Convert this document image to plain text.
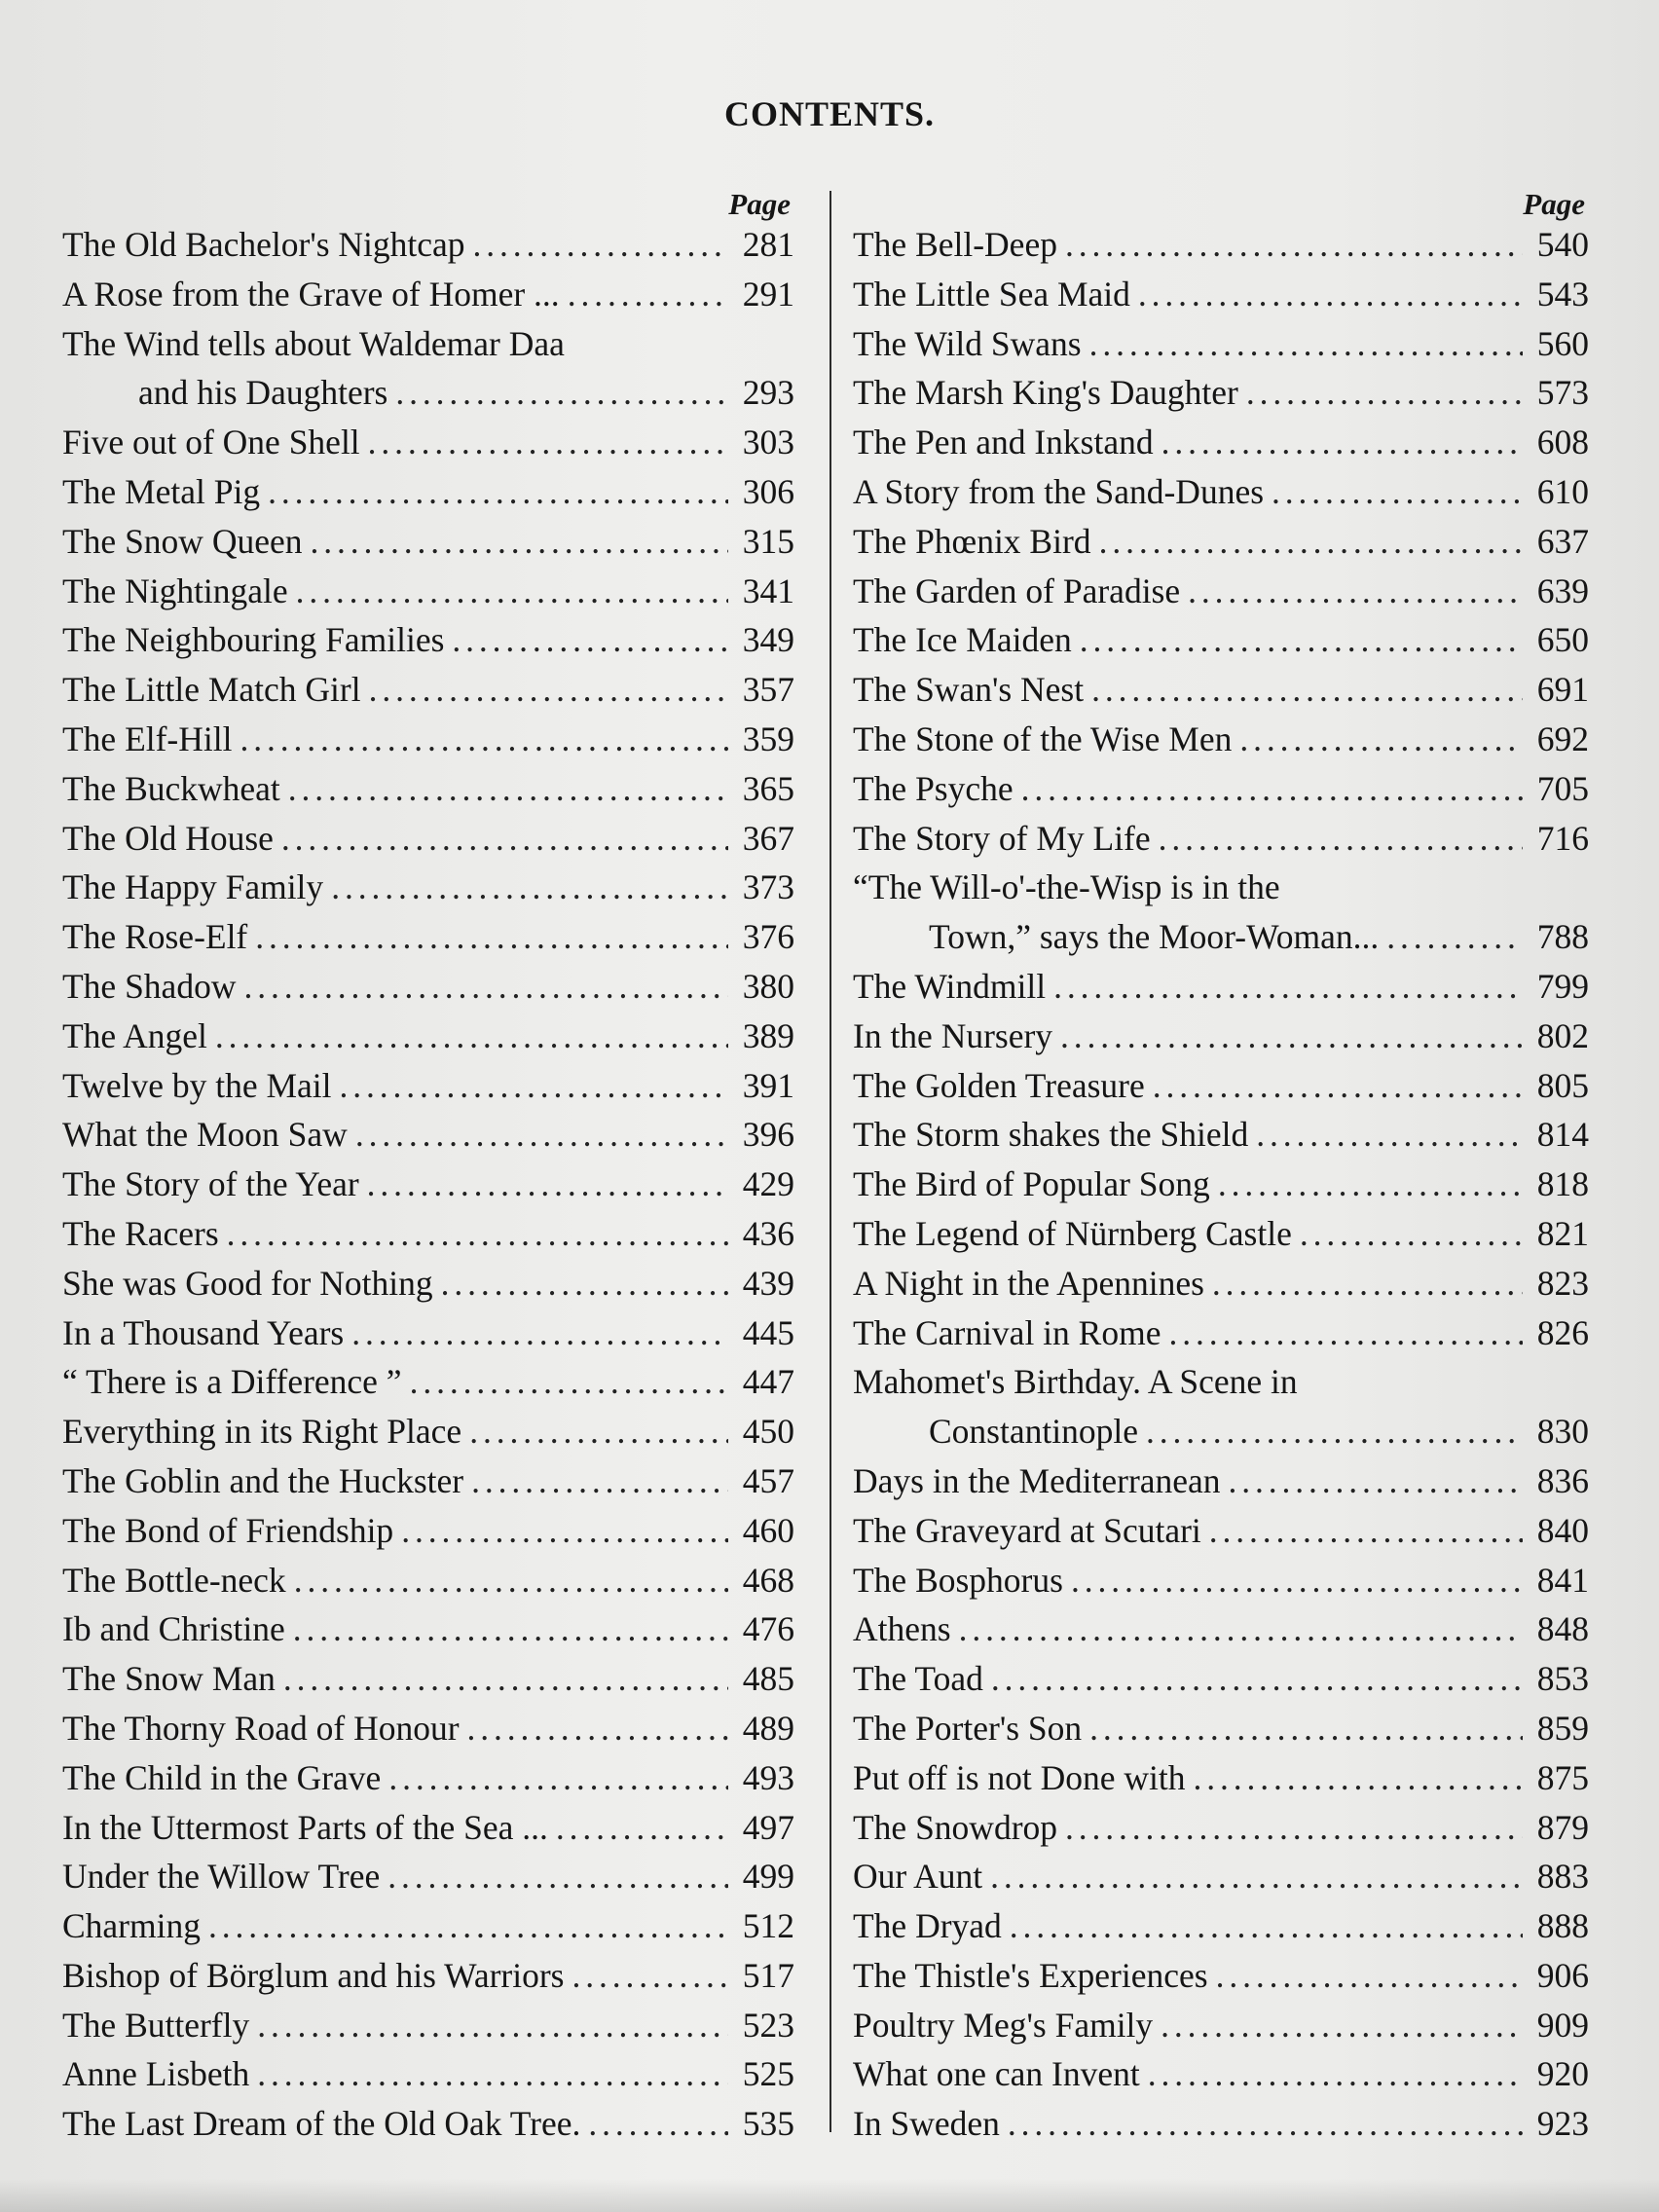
CONTENTS.
Page
The Old Bachelor's Nightcap . . .	281
A Rose from the Grave of Homer ... . . .	291
The Wind tells about Waldemar Daa
and his Daughters . . .	293
Five out of One Shell . . .	303
The Metal Pig . . .	306
The Snow Queen . . .	315
The Nightingale . . .	341
The Neighbouring Families . . .	349
The Little Match Girl . . .	357
The Elf-Hill . . .	359
The Buckwheat . . .	365
The Old House . . .	367
The Happy Family . . .	373
The Rose-Elf . . .	376
The Shadow . . .	380
The Angel . . .	389
Twelve by the Mail . . .	391
What the Moon Saw . . .	396
The Story of the Year . . .	429
The Racers . . .	436
She was Good for Nothing . . .	439
In a Thousand Years . . .	445
“ There is a Difference ” . . .	447
Everything in its Right Place . . .	450
The Goblin and the Huckster . . .	457
The Bond of Friendship . . .	460
The Bottle-neck . . .	468
Ib and Christine . . .	476
The Snow Man . . .	485
The Thorny Road of Honour . . .	489
The Child in the Grave . . .	493
In the Uttermost Parts of the Sea ... . . .	497
Under the Willow Tree . . .	499
Charming . . .	512
Bishop of Börglum and his Warriors . . .	517
The Butterfly . . .	523
Anne Lisbeth . . .	525
The Last Dream of the Old Oak Tree. . . .	535
Page
The Bell-Deep . . .	540
The Little Sea Maid . . .	543
The Wild Swans . . .	560
The Marsh King's Daughter . . .	573
The Pen and Inkstand . . .	608
A Story from the Sand-Dunes . . .	610
The Phœnix Bird . . .	637
The Garden of Paradise . . .	639
The Ice Maiden . . .	650
The Swan's Nest . . .	691
The Stone of the Wise Men . . .	692
The Psyche . . .	705
The Story of My Life . . .	716
“The Will-o'-the-Wisp is in the
Town,” says the Moor-Woman... . . .	788
The Windmill . . .	799
In the Nursery . . .	802
The Golden Treasure . . .	805
The Storm shakes the Shield . . .	814
The Bird of Popular Song . . .	818
The Legend of Nürnberg Castle . . .	821
A Night in the Apennines . . .	823
The Carnival in Rome . . .	826
Mahomet's Birthday. A Scene in
Constantinople . . .	830
Days in the Mediterranean . . .	836
The Graveyard at Scutari . . .	840
The Bosphorus . . .	841
Athens . . .	848
The Toad . . .	853
The Porter's Son . . .	859
Put off is not Done with . . .	875
The Snowdrop . . .	879
Our Aunt . . .	883
The Dryad . . .	888
The Thistle's Experiences . . .	906
Poultry Meg's Family . . .	909
What one can Invent . . .	920
In Sweden . . .	923
